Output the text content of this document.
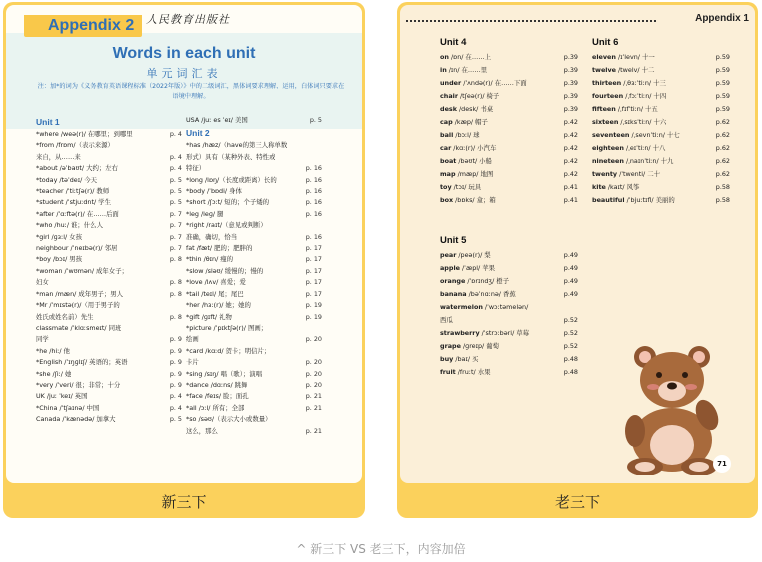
Appendix 2	人民教育出版社
Words in each unit
单元词汇表
注：加*的词为《义务教育英语课程标准（2022年版）》中的二级词汇，黑体词要求理解、运用，白体词只要求在语境中理解。
Unit 1
*where /weə(r)/ 在哪里；到哪里	p. 4
*from /frɒm/（表示来源）
来自，从……来	p. 4
*about /əˈbaʊt/ 大约；左右	p. 4
*today /təˈdeɪ/ 今天	p. 5
*teacher /ˈtiːtʃə(r)/ 教师	p. 5
*student /ˈstjuːdnt/ 学生	p. 5
*after /ˈɑːftə(r)/ 在……后面	p. 7
*who /huː/ 谁；什么人	p. 7
*girl /ɡɜːl/ 女孩	p. 7
neighbour /ˈneɪbə(r)/ 邻居	p. 7
*boy /bɔɪ/ 男孩	p. 8
*woman /ˈwʊmən/ 成年女子；
妇女	p. 8
*man /mæn/ 成年男子；男人	p. 8
*Mr /ˈmɪstə(r)/（用于男子的
姓氏或姓名前）先生	p. 8
classmate /ˈklɑːsmeɪt/ 同班
同学	p. 9
*he /hiː/ 他	p. 9
*English /ˈɪŋɡlɪʃ/ 英语的；英语	p. 9
*she /ʃiː/ 她	p. 9
*very /ˈveri/ 很；非常；十分	p. 9
UK /juː ˈkeɪ/ 英国	p. 4
*China /ˈtʃaɪnə/ 中国	p. 4
Canada /ˈkænədə/ 加拿大	p. 5
USA /juː es ˈeɪ/ 美国	p. 5
Unit 2
*has /hæz/（have的第三人称单数
形式）具有（某种外表、特性或
特征）	p. 16
*long /lɒŋ/（长度或距离）长的	p. 16
*body /ˈbɒdi/ 身体	p. 16
*short /ʃɔːt/ 短的；个子矮的	p. 16
*leg /leɡ/ 腿	p. 16
*right /raɪt/（意见或判断）
准确，确切，恰当	p. 16
fat /fæt/ 肥的；肥胖的	p. 17
*thin /θɪn/ 瘦的	p. 17
*slow /sləʊ/ 缓慢的；慢的	p. 17
*love /lʌv/ 喜爱；爱	p. 17
*tail /teɪl/ 尾；尾巴	p. 17
*her /hɜː(r)/ 她；她的	p. 19
*gift /ɡɪft/ 礼物	p. 19
*picture /ˈpɪktʃə(r)/ 图画；
绘画	p. 20
*card /kɑːd/ 贺卡；明信片；
卡片	p. 20
*sing /sɪŋ/ 唱（歌）；演唱	p. 20
*dance /dɑːns/ 跳舞	p. 20
*face /feɪs/ 脸；面孔	p. 21
*all /ɔːl/ 所有；全部	p. 21
*so /səʊ/（表示大小或数量）
这么，那么	p. 21
新三下
Appendix 1
Unit 4
on /ɒn/ 在……上	p.39
in /ɪn/ 在……里	p.39
under /ˈʌndə(r)/ 在……下面	p.39
chair /tʃeə(r)/ 椅子	p.39
desk /desk/ 书桌	p.39
cap /kæp/ 帽子	p.42
ball /bɔːl/ 球	p.42
car /kɑː(r)/ 小汽车	p.42
boat /bəʊt/ 小船	p.42
map /mæp/ 地图	p.42
toy /tɔɪ/ 玩具	p.41
box /bɒks/ 盒；箱	p.41
Unit 5
pear /peə(r)/ 梨	p.49
apple /ˈæpl/ 苹果	p.49
orange /ˈɒrɪndʒ/ 橙子	p.49
banana /bəˈnɑːnə/ 香蕉	p.49
watermelon /ˈwɔːtəmelən/
西瓜	p.52
strawberry /ˈstrɔːbəri/ 草莓	p.52
grape /ɡreɪp/ 葡萄	p.52
buy /baɪ/ 买	p.48
fruit /fruːt/ 水果	p.48
Unit 6
eleven /ɪˈlevn/ 十一	p.59
twelve /twelv/ 十二	p.59
thirteen /ˌθɜːˈtiːn/ 十三	p.59
fourteen /ˌfɔːˈtiːn/ 十四	p.59
fifteen /ˌfɪfˈtiːn/ 十五	p.59
sixteen /ˌsɪksˈtiːn/ 十六	p.62
seventeen /ˌsevnˈtiːn/ 十七	p.62
eighteen /ˌeɪˈtiːn/ 十八	p.62
nineteen /ˌnaɪnˈtiːn/ 十九	p.62
twenty /ˈtwenti/ 二十	p.62
kite /kaɪt/ 风筝	p.58
beautiful /ˈbjuːtɪfl/ 美丽的	p.58
71
老三下
^ 新三下 VS 老三下，内容加倍
